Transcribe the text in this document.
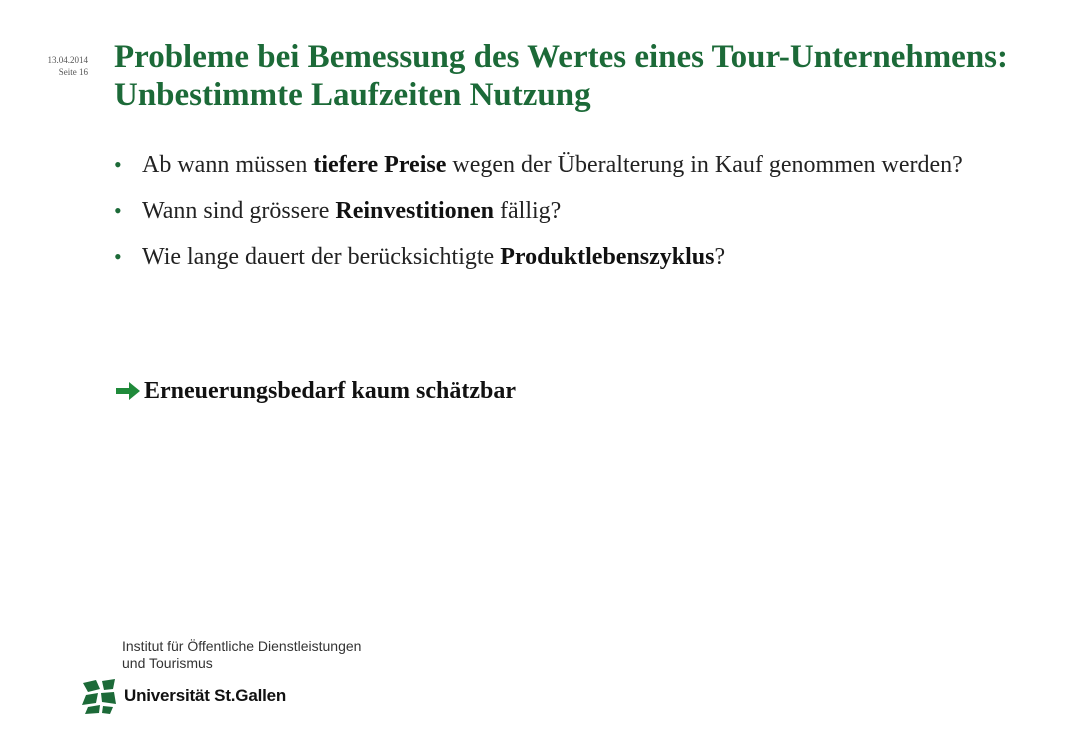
13.04.2014
Seite 16 Probleme bei Bemessung des Wertes eines Tour-Unternehmens: Unbestimmte Laufzeiten Nutzung
• Ab wann müssen tiefere Preise wegen der Überalterung in Kauf genommen werden?
• Wann sind grössere Reinvestitionen fällig?
• Wie lange dauert der berücksichtigte Produktlebenszyklus?
Erneuerungsbedarf kaum schätzbar
Institut für Öffentliche Dienstleistungen
und Tourismus
Universität St.Gallen
